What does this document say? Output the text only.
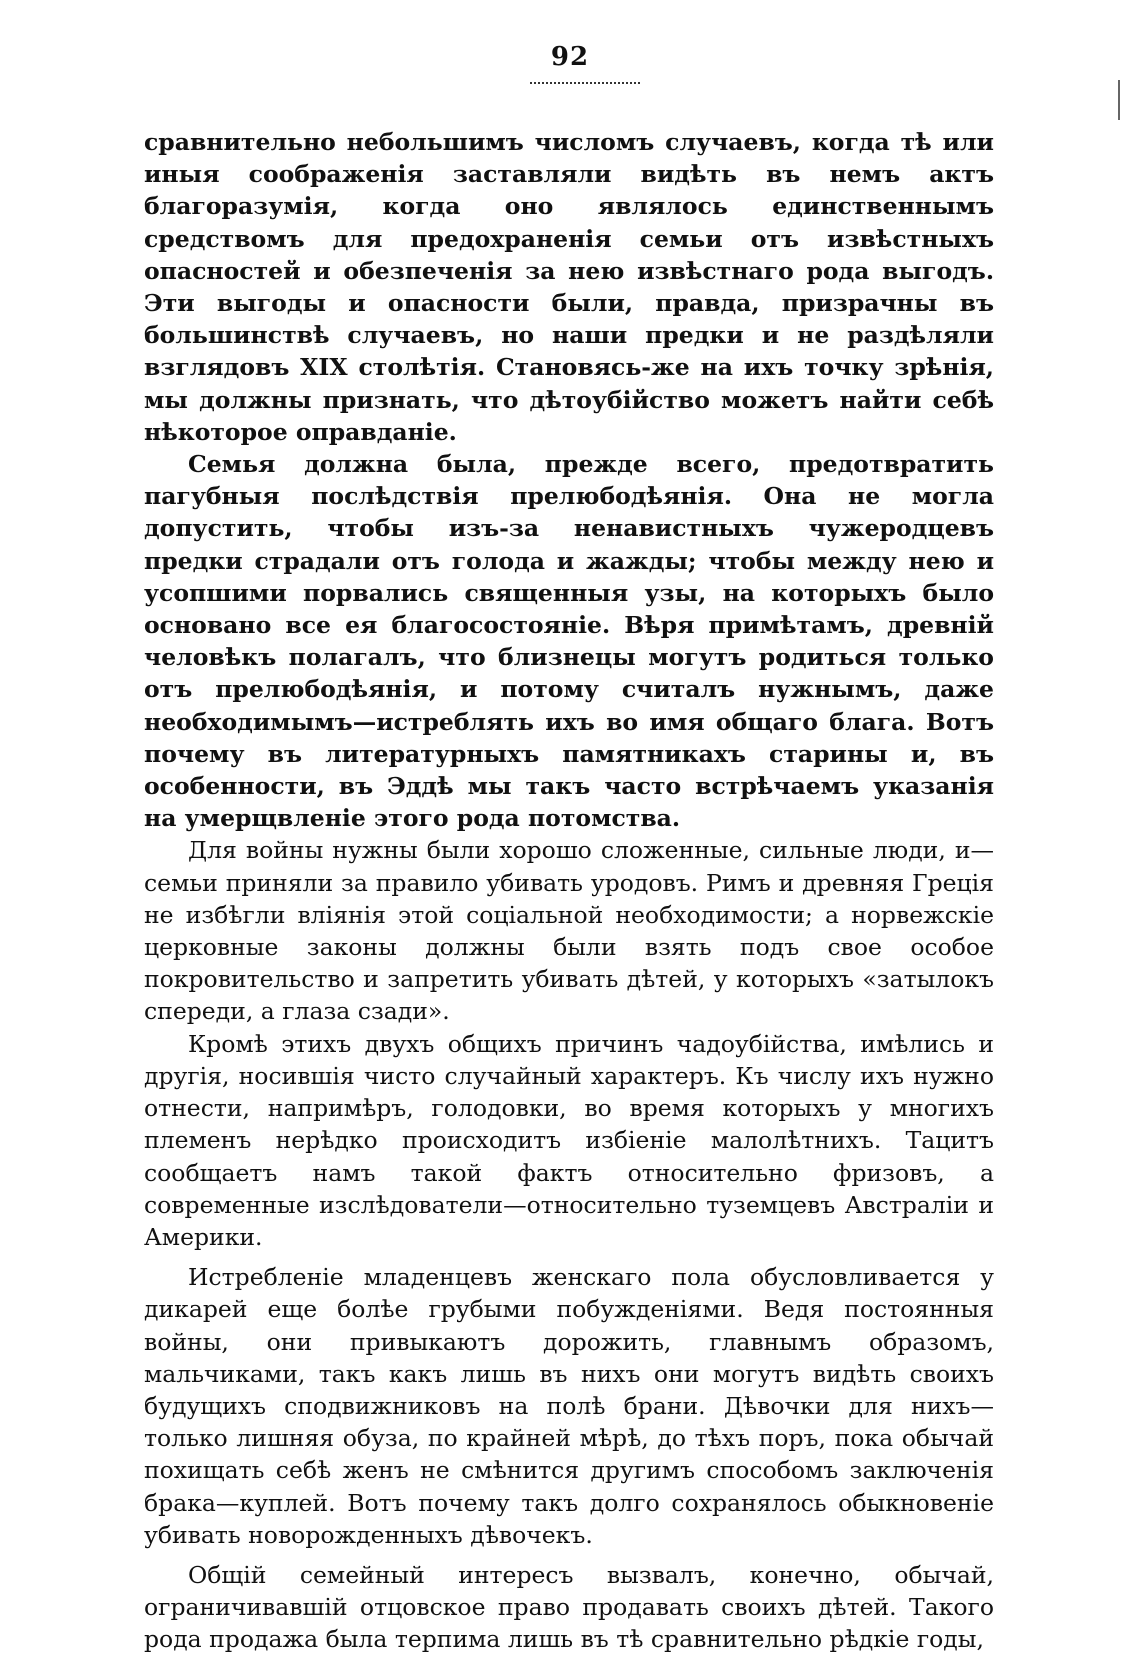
92

сравнительно небольшимъ числомъ случаевъ, когда тѣ или иныя соображенія заставляли видѣть въ немъ актъ благоразумія, когда оно являлось единственнымъ средствомъ для предохраненія семьи отъ извѣстныхъ опасностей и обезпеченія за нею извѣстнаго рода выгодъ. Эти выгоды и опасности были, правда, призрачны въ большинствѣ случаевъ, но наши предки и не раздѣляли взглядовъ XIX столѣтія. Становясь-же на ихъ точку зрѣнія, мы должны признать, что дѣтоубійство можетъ найти себѣ нѣкоторое оправданіе.

Семья должна была, прежде всего, предотвратить пагубныя послѣдствія прелюбодѣянія. Она не могла допустить, чтобы изъ-за ненавистныхъ чужеродцевъ предки страдали отъ голода и жажды; чтобы между нею и усопшими порвались священныя узы, на которыхъ было основано все ея благосостояніе. Вѣря примѣтамъ, древній человѣкъ полагалъ, что близнецы могутъ родиться только отъ прелюбодѣянія, и потому считалъ нужнымъ, даже необходимымъ—истреблять ихъ во имя общаго блага. Вотъ почему въ литературныхъ памятникахъ старины и, въ особенности, въ Эддѣ мы такъ часто встрѣчаемъ указанія на умерщвленіе этого рода потомства.

Для войны нужны были хорошо сложенные, сильные люди, и—семьи приняли за правило убивать уродовъ. Римъ и древняя Греція не избѣгли вліянія этой соціальной необходимости; а норвежскіе церковные законы должны были взять подъ свое особое покровительство и запретить убивать дѣтей, у которыхъ «затылокъ спереди, а глаза сзади».

Кромѣ этихъ двухъ общихъ причинъ чадоубійства, имѣлись и другія, носившія чисто случайный характеръ. Къ числу ихъ нужно отнести, напримѣръ, голодовки, во время которыхъ у многихъ племенъ нерѣдко происходитъ избіеніе малолѣтнихъ. Тацитъ сообщаетъ намъ такой фактъ относительно фризовъ, а современные изслѣдователи—относительно туземцевъ Австраліи и Америки.

Истребленіе младенцевъ женскаго пола обусловливается у дикарей еще болѣе грубыми побужденіями. Ведя постоянныя войны, они привыкаютъ дорожить, главнымъ образомъ, мальчиками, такъ какъ лишь въ нихъ они могутъ видѣть своихъ будущихъ сподвижниковъ на полѣ брани. Дѣвочки для нихъ—только лишняя обуза, по крайней мѣрѣ, до тѣхъ поръ, пока обычай похищать себѣ женъ не смѣнится другимъ способомъ заключенія брака—куплей. Вотъ почему такъ долго сохранялось обыкновеніе убивать новорожденныхъ дѣвочекъ.

Общій семейный интересъ вызвалъ, конечно, обычай, ограничивавшій отцовское право продавать своихъ дѣтей. Такого рода продажа была терпима лишь въ тѣ сравнительно рѣдкіе годы,
